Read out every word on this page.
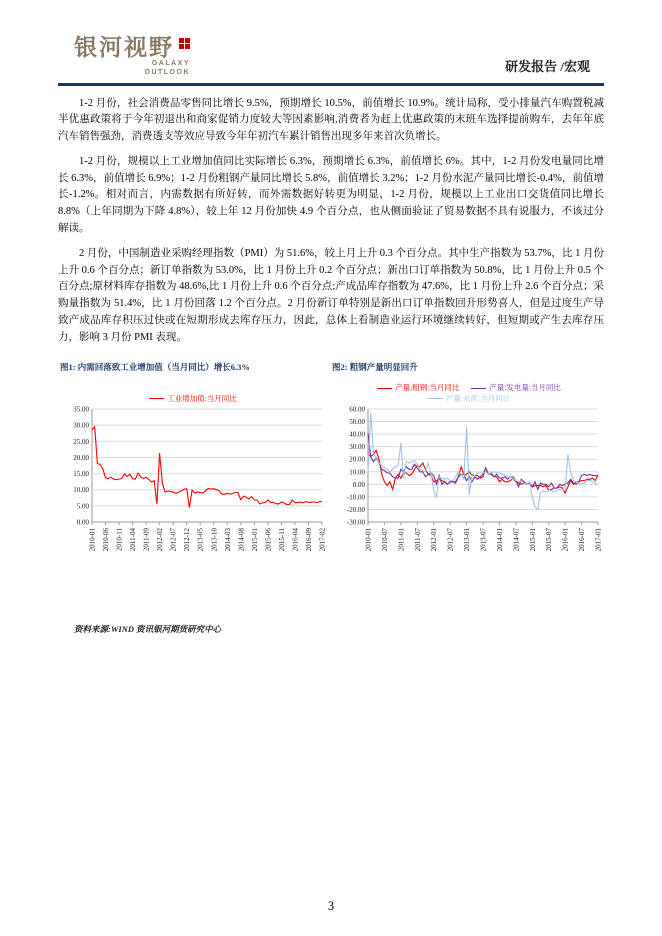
银河视野
GALAXY
OUTLOOK	研发报告 /宏观

1-2 月份，社会消费品零售同比增长 9.5%，预期增长 10.5%，前值增长 10.9%。统计局称，受小排量汽车购置税减半优惠政策将于今年初退出和商家促销力度较大等因素影响,消费者为赶上优惠政策的末班车选择提前购车，去年年底汽车销售强劲，消费透支等效应导致今年年初汽车累计销售出现多年来首次负增长。

1-2 月份，规模以上工业增加值同比实际增长 6.3%，预期增长 6.3%，前值增长 6%。其中，1-2 月份发电量同比增长 6.3%，前值增长 6.9%；1-2 月份粗钢产量同比增长 5.8%，前值增长 3.2%；1-2 月份水泥产量同比增长-0.4%，前值增长-1.2%。相对而言，内需数据有所好转，而外需数据好转更为明显，1-2 月份，规模以上工业出口交货值同比增长 8.8%（上年同期为下降 4.8%），较上年 12 月份加快 4.9 个百分点，也从侧面验证了贸易数据不具有说服力，不该过分解读。

2 月份，中国制造业采购经理指数（PMI）为 51.6%，较上月上升 0.3 个百分点。其中生产指数为 53.7%，比 1 月份上升 0.6 个百分点；新订单指数为 53.0%，比 1 月份上升 0.2 个百分点；新出口订单指数为 50.8%，比 1 月份上升 0.5 个百分点;原材料库存指数为 48.6%,比 1 月份上升 0.6 个百分点;产成品库存指数为 47.6%，比 1 月份上升 2.6 个百分点；采购量指数为 51.4%，比 1 月份回落 1.2 个百分点。2 月份新订单特别是新出口订单指数回升形势喜人，但是过度生产导致产成品库存积压过快或在短期形成去库存压力，因此，总体上看制造业运行环境继续转好，但短期或产生去库存压力，影响 3 月份 PMI 表现。

图1: 内需回落致工业增加值（当月同比）增长6.3%	图2: 粗钢产量明显回升
工业增加值:当月同比
0.00
5.00
10.00
15.00
20.00
25.00
30.00
35.00
2010-01 2010-06 2010-11 2011-04 2011-09 2012-02 2012-07 2012-12 2013-05 2013-10 2014-03 2014-08 2015-01 2015-06 2015-11 2016-04 2016-09 2017-02
产量:粗钢:当月同比	产量:发电量:当月同比
产量:水泥:当月同比
-30.00
-20.00
-10.00
0.00
10.00
20.00
30.00
40.00
50.00
60.00
2010-01 2010-07 2011-01 2011-07 2012-01 2012-07 2013-01 2013-07 2014-01 2014-07 2015-01 2015-07 2016-01 2016-07 2017-01
资料来源:WIND 资讯银河期货研究中心
3
